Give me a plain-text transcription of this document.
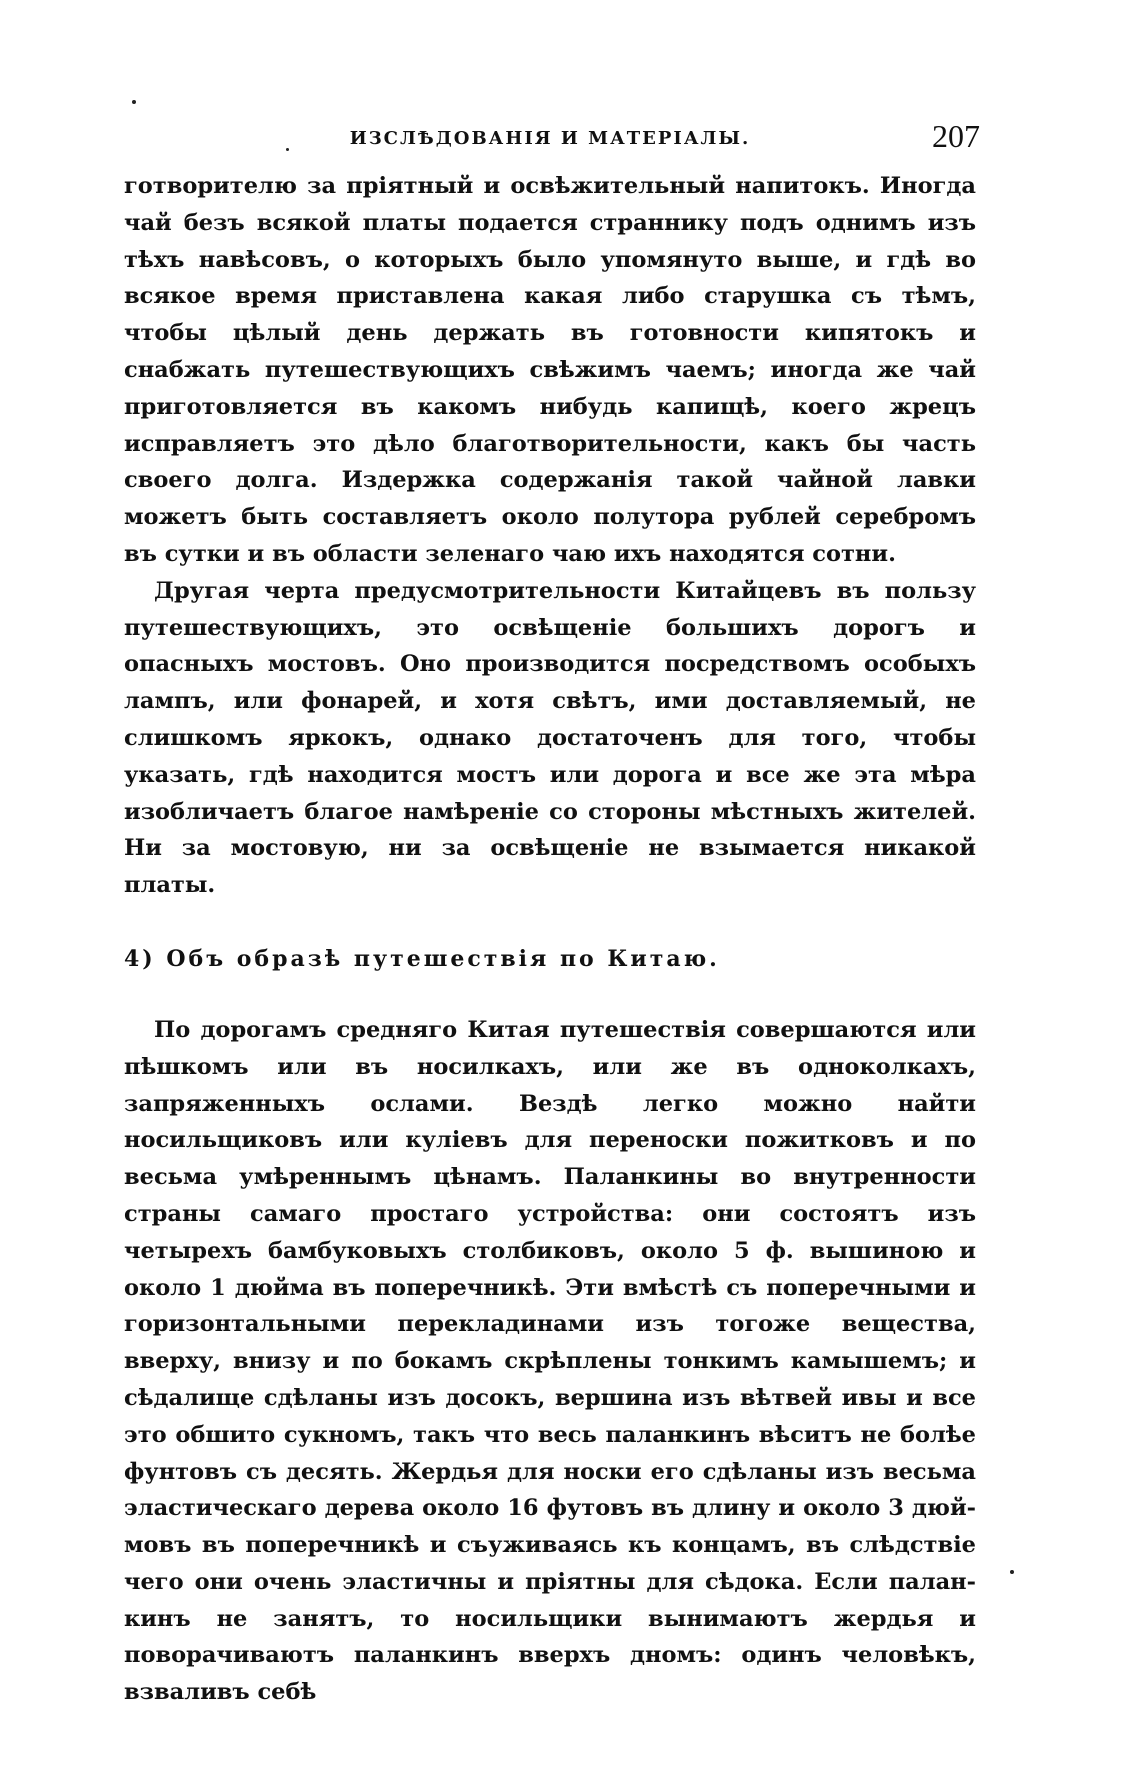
ИЗСЛѢДОВАНІЯ И МАТЕРІАЛЫ.	207

готворителю за пріятный и освѣжительный напитокъ. Иногда чай безъ всякой платы подается страннику подъ однимъ изъ тѣхъ навѣсовъ, о которыхъ было упомянуто выше, и гдѣ во всякое время приставлена какая либо старушка съ тѣмъ, чтобы цѣлый день держать въ готовности кипятокъ и снабжать путешествующихъ свѣжимъ чаемъ; иногда же чай приготовляется въ какомъ нибудь капищѣ, коего жрецъ исправляетъ это дѣло благотворительности, какъ бы часть своего долга. Издержка содержанія такой чайной лавки можетъ быть составляетъ около полутора рублей серебромъ въ сутки и въ области зеленаго чаю ихъ находятся сотни.

Другая черта предусмотрительности Китайцевъ въ пользу путешествующихъ, это освѣщеніе большихъ дорогъ и опасныхъ мостовъ. Оно производится посредствомъ особыхъ лампъ, или фонарей, и хотя свѣтъ, ими доставляемый, не слишкомъ яркокъ, однако достаточенъ для того, чтобы указать, гдѣ находится мостъ или дорога и все же эта мѣра изобличаетъ благое намѣреніе со стороны мѣстныхъ жителей. Ни за мостовую, ни за освѣщеніе не взымается никакой платы.

4) Объ образѣ путешествія по Китаю.

По дорогамъ средняго Китая путешествія совершаются или пѣшкомъ или въ носилкахъ, или же въ одноколкахъ, запряженныхъ ослами. Вездѣ легко можно найти носильщиковъ или куліевъ для переноски пожитковъ и по весьма умѣреннымъ цѣнамъ. Паланкины во внутренности страны самаго простаго устройства: они состоятъ изъ четырехъ бамбуковыхъ столбиковъ, около 5 ф. вышиною и около 1 дюйма въ поперечникѣ. Эти вмѣстѣ съ поперечными и горизонтальными перекладинами изъ тогоже вещества, вверху, внизу и по бокамъ скрѣплены тонкимъ камышемъ; и сѣдалище сдѣланы изъ досокъ, вершина изъ вѣтвей ивы и все это обшито сукномъ, такъ что весь паланкинъ вѣситъ не болѣе фунтовъ съ десять. Жердья для носки его сдѣланы изъ весьма эластическаго дерева около 16 футовъ въ длину и около 3 дюймовъ въ поперечникѣ и съуживаясь къ концамъ, въ слѣдствіе чего они очень эластичны и пріятны для сѣдока. Если паланкинъ не занятъ, то носильщики вынимаютъ жердья и поворачиваютъ паланкинъ вверхъ дномъ: одинъ человѣкъ, взваливъ себѣ
